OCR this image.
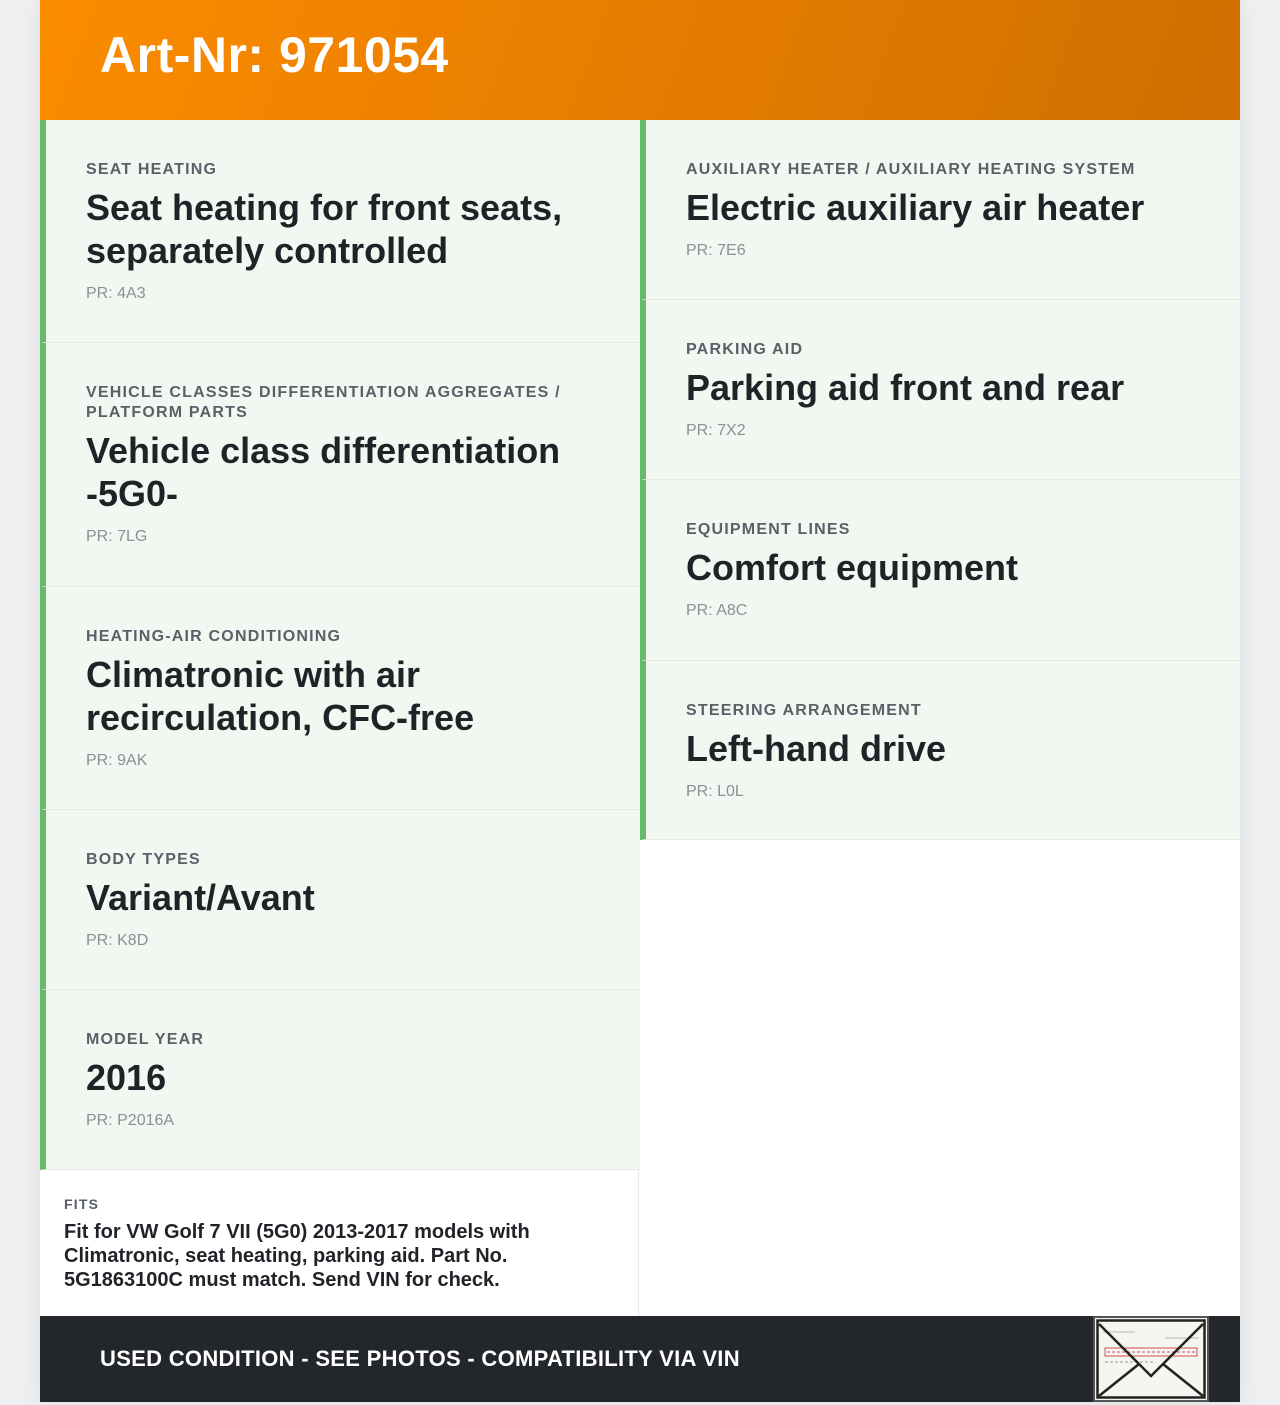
Art-Nr: 971054
SEAT HEATING
Seat heating for front seats, separately controlled
PR: 4A3
VEHICLE CLASSES DIFFERENTIATION AGGREGATES / PLATFORM PARTS
Vehicle class differentiation -5G0-
PR: 7LG
HEATING-AIR CONDITIONING
Climatronic with air recirculation, CFC-free
PR: 9AK
BODY TYPES
Variant/Avant
PR: K8D
MODEL YEAR
2016
PR: P2016A
AUXILIARY HEATER / AUXILIARY HEATING SYSTEM
Electric auxiliary air heater
PR: 7E6
PARKING AID
Parking aid front and rear
PR: 7X2
EQUIPMENT LINES
Comfort equipment
PR: A8C
STEERING ARRANGEMENT
Left-hand drive
PR: L0L
FITS
Fit for VW Golf 7 VII (5G0) 2013-2017 models with Climatronic, seat heating, parking aid. Part No. 5G1863100C must match. Send VIN for check.
USED CONDITION - SEE PHOTOS - COMPATIBILITY VIA VIN
